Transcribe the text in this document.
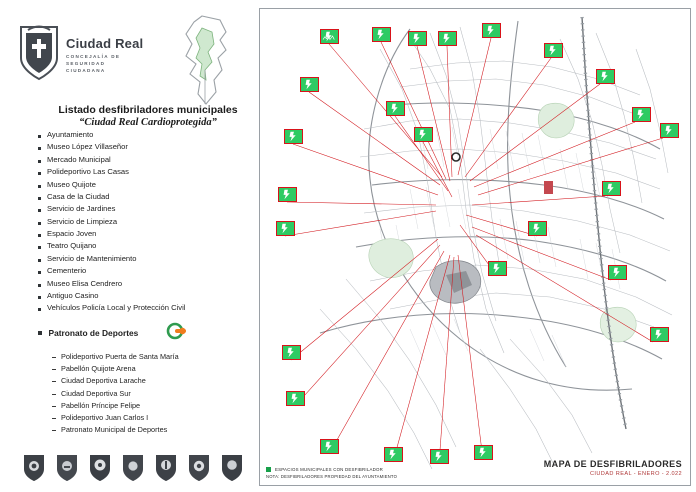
Ciudad Real
CONCEJALÍA DE
SEGURIDAD
CIUDADANA
Listado desfibriladores municipales
“Ciudad Real Cardioprotegida”
Ayuntamiento
Museo López Villaseñor
Mercado Municipal
Polideportivo Las Casas
Museo Quijote
Casa de la Ciudad
Servicio de Jardines
Servicio de Limpieza
Espacio Joven
Teatro Quijano
Servicio de Mantenimiento
Cementerio
Museo Elisa Cendrero
Antiguo Casino
Vehículos Policía Local y Protección Civil
Patronato de Deportes
Polideportivo Puerta de Santa María
Pabellón Quijote Arena
Ciudad Deportiva Larache
Ciudad Deportiva Sur
Pabellón Príncipe Felipe
Polideportivo Juan Carlos I
Patronato Municipal de Deportes
ESPACIOS MUNICIPALES CON DESFIBRILADOR
NOTA: DESFIBRILADORES PROPIEDAD DEL AYUNTAMIENTO
MAPA DE DESFIBRILADORES
CIUDAD REAL - ENERO - 2.022
